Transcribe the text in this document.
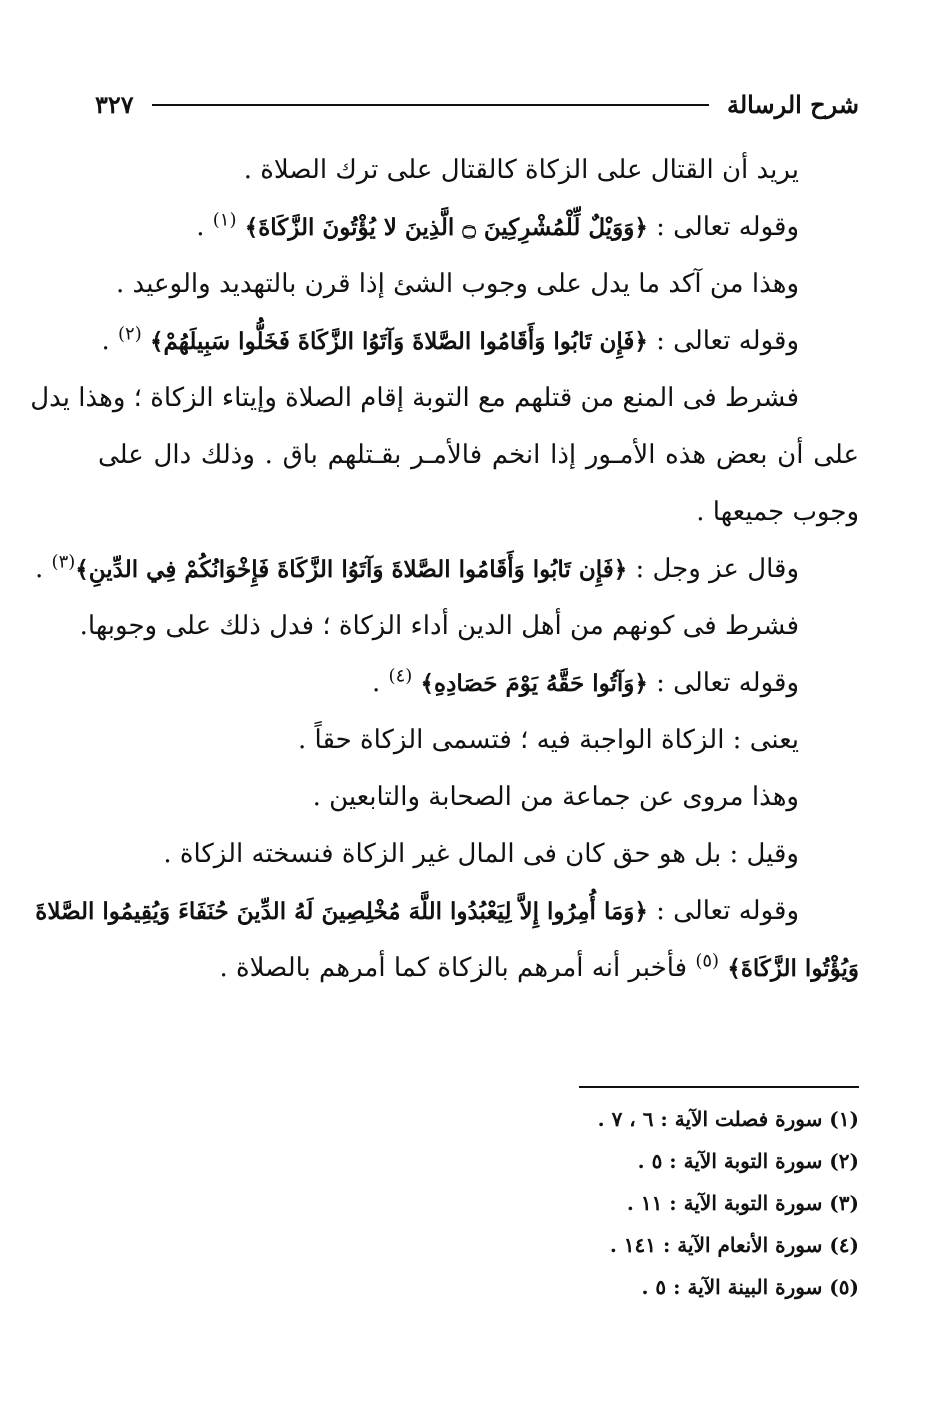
شرح الرسالة
٣٢٧
يريد أن القتال على الزكاة كالقتال على ترك الصلاة .
وقوله تعالى : ﴿وَوَيْلٌ لِّلْمُشْرِكِينَ ۝ الَّذِينَ لا يُؤْتُونَ الزَّكَاةَ﴾ $^{(١)}$ .
وهذا من آكد ما يدل على وجوب الشئ إذا قرن بالتهديد والوعيد .
وقوله تعالى : ﴿فَإِن تَابُوا وَأَقَامُوا الصَّلاةَ وَآتَوُا الزَّكَاةَ فَخَلُّوا سَبِيلَهُمْ﴾ $^{(٢)}$ .
فشرط فى المنع من قتلهم مع التوبة إقام الصلاة وإيتاء الزكاة ؛ وهذا يدل
على أن بعض هذه الأمـور إذا انخم فالأمـر بقـتلهم باق . وذلك دال على
وجوب جميعها .
وقال عز وجل : ﴿فَإِن تَابُوا وَأَقَامُوا الصَّلاةَ وَآتَوُا الزَّكَاةَ فَإِخْوَانُكُمْ فِي الدِّينِ﴾$^{(٣)}$ .
فشرط فى كونهم من أهل الدين أداء الزكاة ؛ فدل ذلك على وجوبها.
وقوله تعالى : ﴿وَآتُوا حَقَّهُ يَوْمَ حَصَادِهِ﴾ $^{(٤)}$ .
يعنى : الزكاة الواجبة فيه ؛ فتسمى الزكاة حقاً .
وهذا مروى عن جماعة من الصحابة والتابعين .
وقيل : بل هو حق كان فى المال غير الزكاة فنسخته الزكاة .
وقوله تعالى : ﴿وَمَا أُمِرُوا إِلاَّ لِيَعْبُدُوا اللَّهَ مُخْلِصِينَ لَهُ الدِّينَ حُنَفَاءَ وَيُقِيمُوا الصَّلاةَ
وَيُؤْتُوا الزَّكَاةَ﴾ $^{(٥)}$ فأخبر أنه أمرهم بالزكاة كما أمرهم بالصلاة .
(١) سورة فصلت الآية : ٦ ، ٧ .
(٢) سورة التوبة الآية : ٥ .
(٣) سورة التوبة الآية : ١١ .
(٤) سورة الأنعام الآية : ١٤١ .
(٥) سورة البينة الآية : ٥ .
